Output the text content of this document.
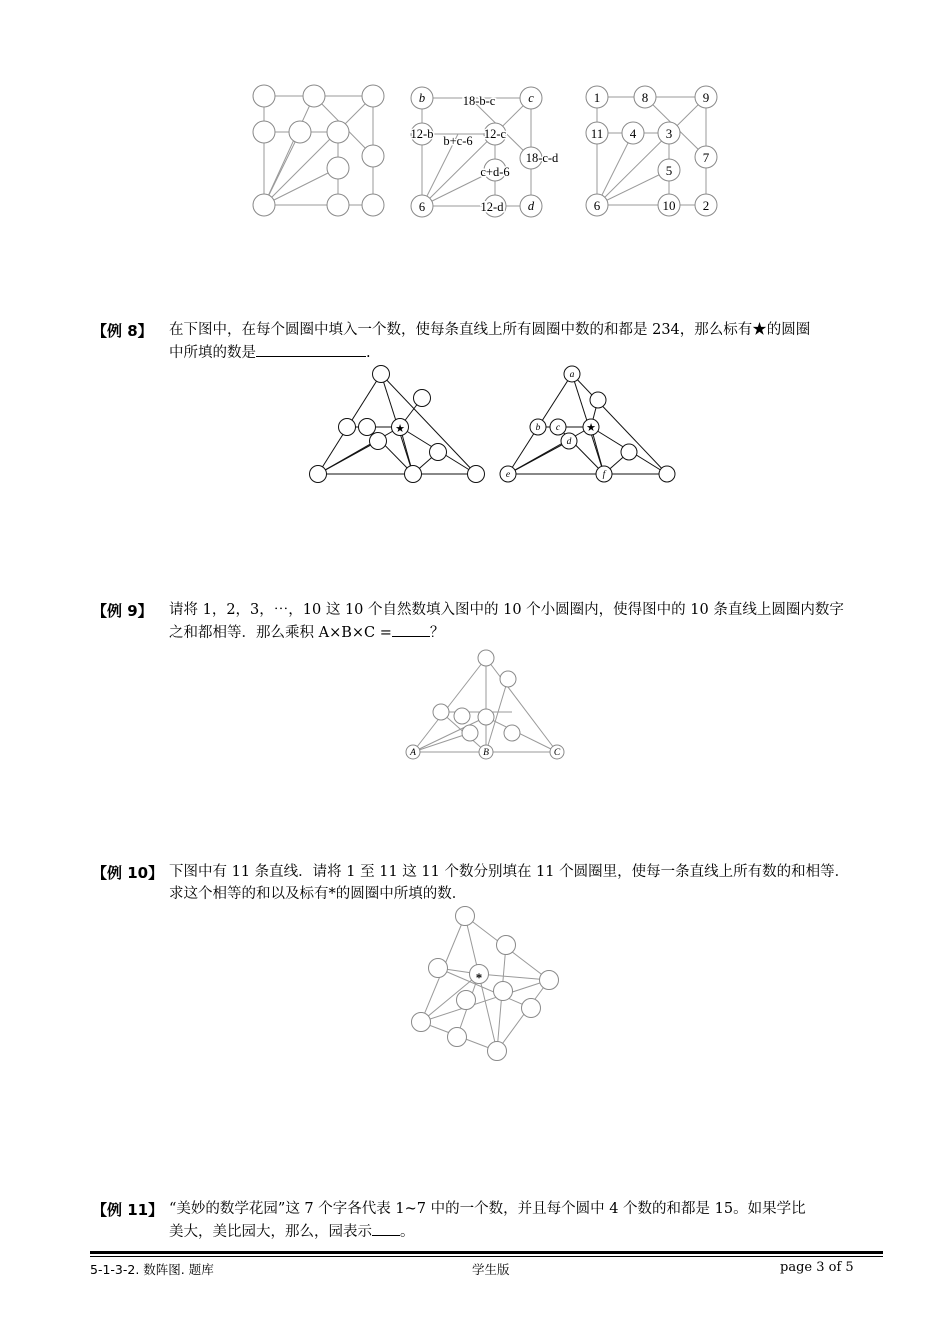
b	18-b-c	c
12-b b+c-6 12-c
18-c-d
c+d-6
6	12-d d
1	8	9
11 4 3
7
5
6	10 2
【例 8】 在下图中，在每个圆圈中填入一个数，使每条直线上所有圆圈中数的和都是 234，那么标有★的圆圈
中所填的数是	.
★
a
b c
d
e	f
★
【例 9】 请将 1，2，3，⋯，10 这 10 个自然数填入图中的 10 个小圆圈内，使得图中的 10 条直线上圆圈内数字
之和都相等．那么乘积 A×B×C =	？
A	B	C
【例 10】 下图中有 11 条直线．请将 1 至 11 这 11 个数分别填在 11 个圆圈里，使每一条直线上所有数的和相等．
求这个相等的和以及标有*的圆圈中所填的数．
*
【例 11】 “美妙的数学花园”这 7 个字各代表 1~7 中的一个数，并且每个圆中 4 个数的和都是 15。如果学比
美大，美比园大，那么，园表示 。
5-1-3-2. 数阵图. 题库	学生版	page 3 of 5
